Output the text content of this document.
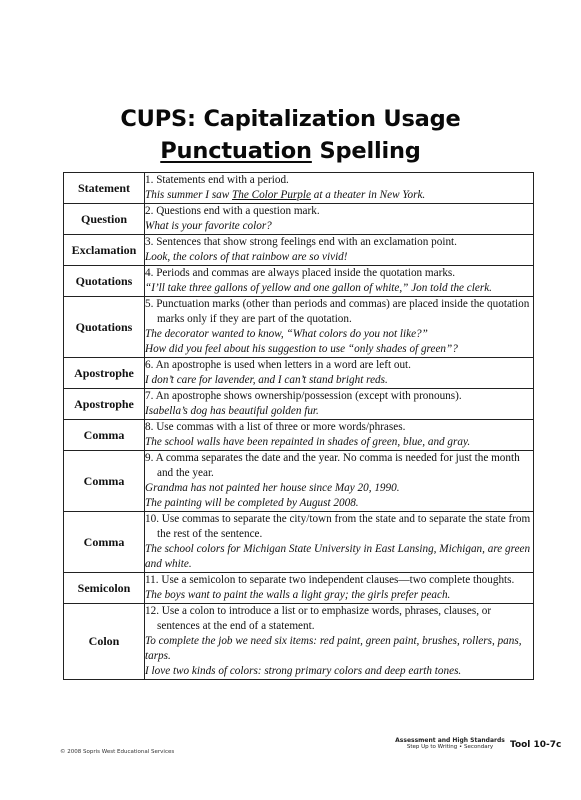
CUPS: Capitalization Usage
Punctuation Spelling
Statement	1. Statements end with a period.
This summer I saw The Color Purple at a theater in New York.

Question	2. Questions end with a question mark.
What is your favorite color?

Exclamation	3. Sentences that show strong feelings end with an exclamation point.
Look, the colors of that rainbow are so vivid!

Quotations	4. Periods and commas are always placed inside the quotation marks.
“I’ll take three gallons of yellow and one gallon of white,” Jon told the clerk.

Quotations	5. Punctuation marks (other than periods and commas) are placed inside the quotation marks only if they are part of the quotation.
The decorator wanted to know, “What colors do you not like?”
How did you feel about his suggestion to use “only shades of green”?

Apostrophe	6. An apostrophe is used when letters in a word are left out.
I don’t care for lavender, and I can’t stand bright reds.

Apostrophe	7. An apostrophe shows ownership/possession (except with pronouns).
Isabella’s dog has beautiful golden fur.

Comma	8. Use commas with a list of three or more words/phrases.
The school walls have been repainted in shades of green, blue, and gray.

Comma	9. A comma separates the date and the year. No comma is needed for just the month and the year.
Grandma has not painted her house since May 20, 1990.
The painting will be completed by August 2008.

Comma	10. Use commas to separate the city/town from the state and to separate the state from the rest of the sentence.
The school colors for Michigan State University in East Lansing, Michigan, are green and white.

Semicolon	11. Use a semicolon to separate two independent clauses—two complete thoughts.
The boys want to paint the walls a light gray; the girls prefer peach.

Colon	12. Use a colon to introduce a list or to emphasize words, phrases, clauses, or sentences at the end of a statement.
To complete the job we need six items: red paint, green paint, brushes, rollers, pans, tarps.
I love two kinds of colors: strong primary colors and deep earth tones.
© 2008 Sopris West Educational Services
Assessment and High Standards
Step Up to Writing • Secondary	Tool 10-7c
